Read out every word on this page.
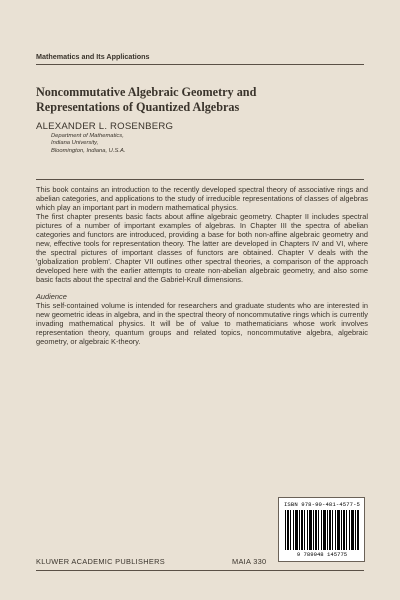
Mathematics and Its Applications
Noncommutative Algebraic Geometry and
Representations of Quantized Algebras
ALEXANDER L. ROSENBERG
Department of Mathematics,
Indiana University,
Bloomington, Indiana, U.S.A.

This book contains an introduction to the recently developed spectral theory of associative rings and abelian categories, and applications to the study of irreducible representations of classes of algebras which play an important part in modern mathematical physics.

The first chapter presents basic facts about affine algebraic geometry. Chapter II includes spectral pictures of a number of important examples of algebras. In Chapter III the spectra of abelian categories and functors are introduced, providing a base for both non-affine algebraic geometry and new, effective tools for representation theory. The latter are developed in Chapters IV and VI, where the spectral pictures of important classes of functors are obtained. Chapter V deals with the 'globalization problem'. Chapter VII outlines other spectral theories, a comparison of the approach developed here with the earlier attempts to create non-abelian algebraic geometry, and also some basic facts about the spectral and the Gabriel-Krull dimensions.

Audience

This self-contained volume is intended for researchers and graduate students who are interested in new geometric ideas in algebra, and in the spectral theory of noncommutative rings which is currently invading mathematical physics. It will be of value to mathematicians whose work involves representation theory, quantum groups and related topics, noncommutative algebra, algebraic geometry, or algebraic K-theory.

ISBN 978-90-481-4577-5
9 789048 145775
KLUWER ACADEMIC PUBLISHERS	MAIA 330
